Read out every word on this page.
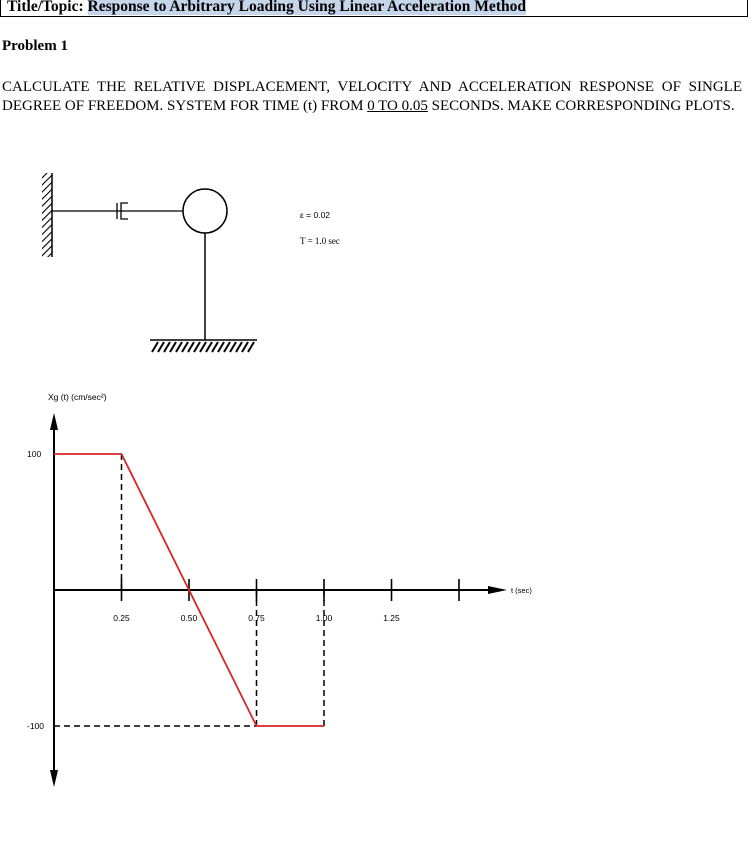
Title/Topic: Response to Arbitrary Loading Using Linear Acceleration Method
Problem 1
CALCULATE THE RELATIVE DISPLACEMENT, VELOCITY AND ACCELERATION RESPONSE OF SINGLE DEGREE OF FREEDOM. SYSTEM FOR TIME (t) FROM 0 TO 0.05 SECONDS. MAKE CORRESPONDING PLOTS.
ε = 0.02
T = 1.0 sec
Xg (t) (cm/sec²)
t (sec)
100
-100
0.25	0.50	0.75	1.00	1.25
